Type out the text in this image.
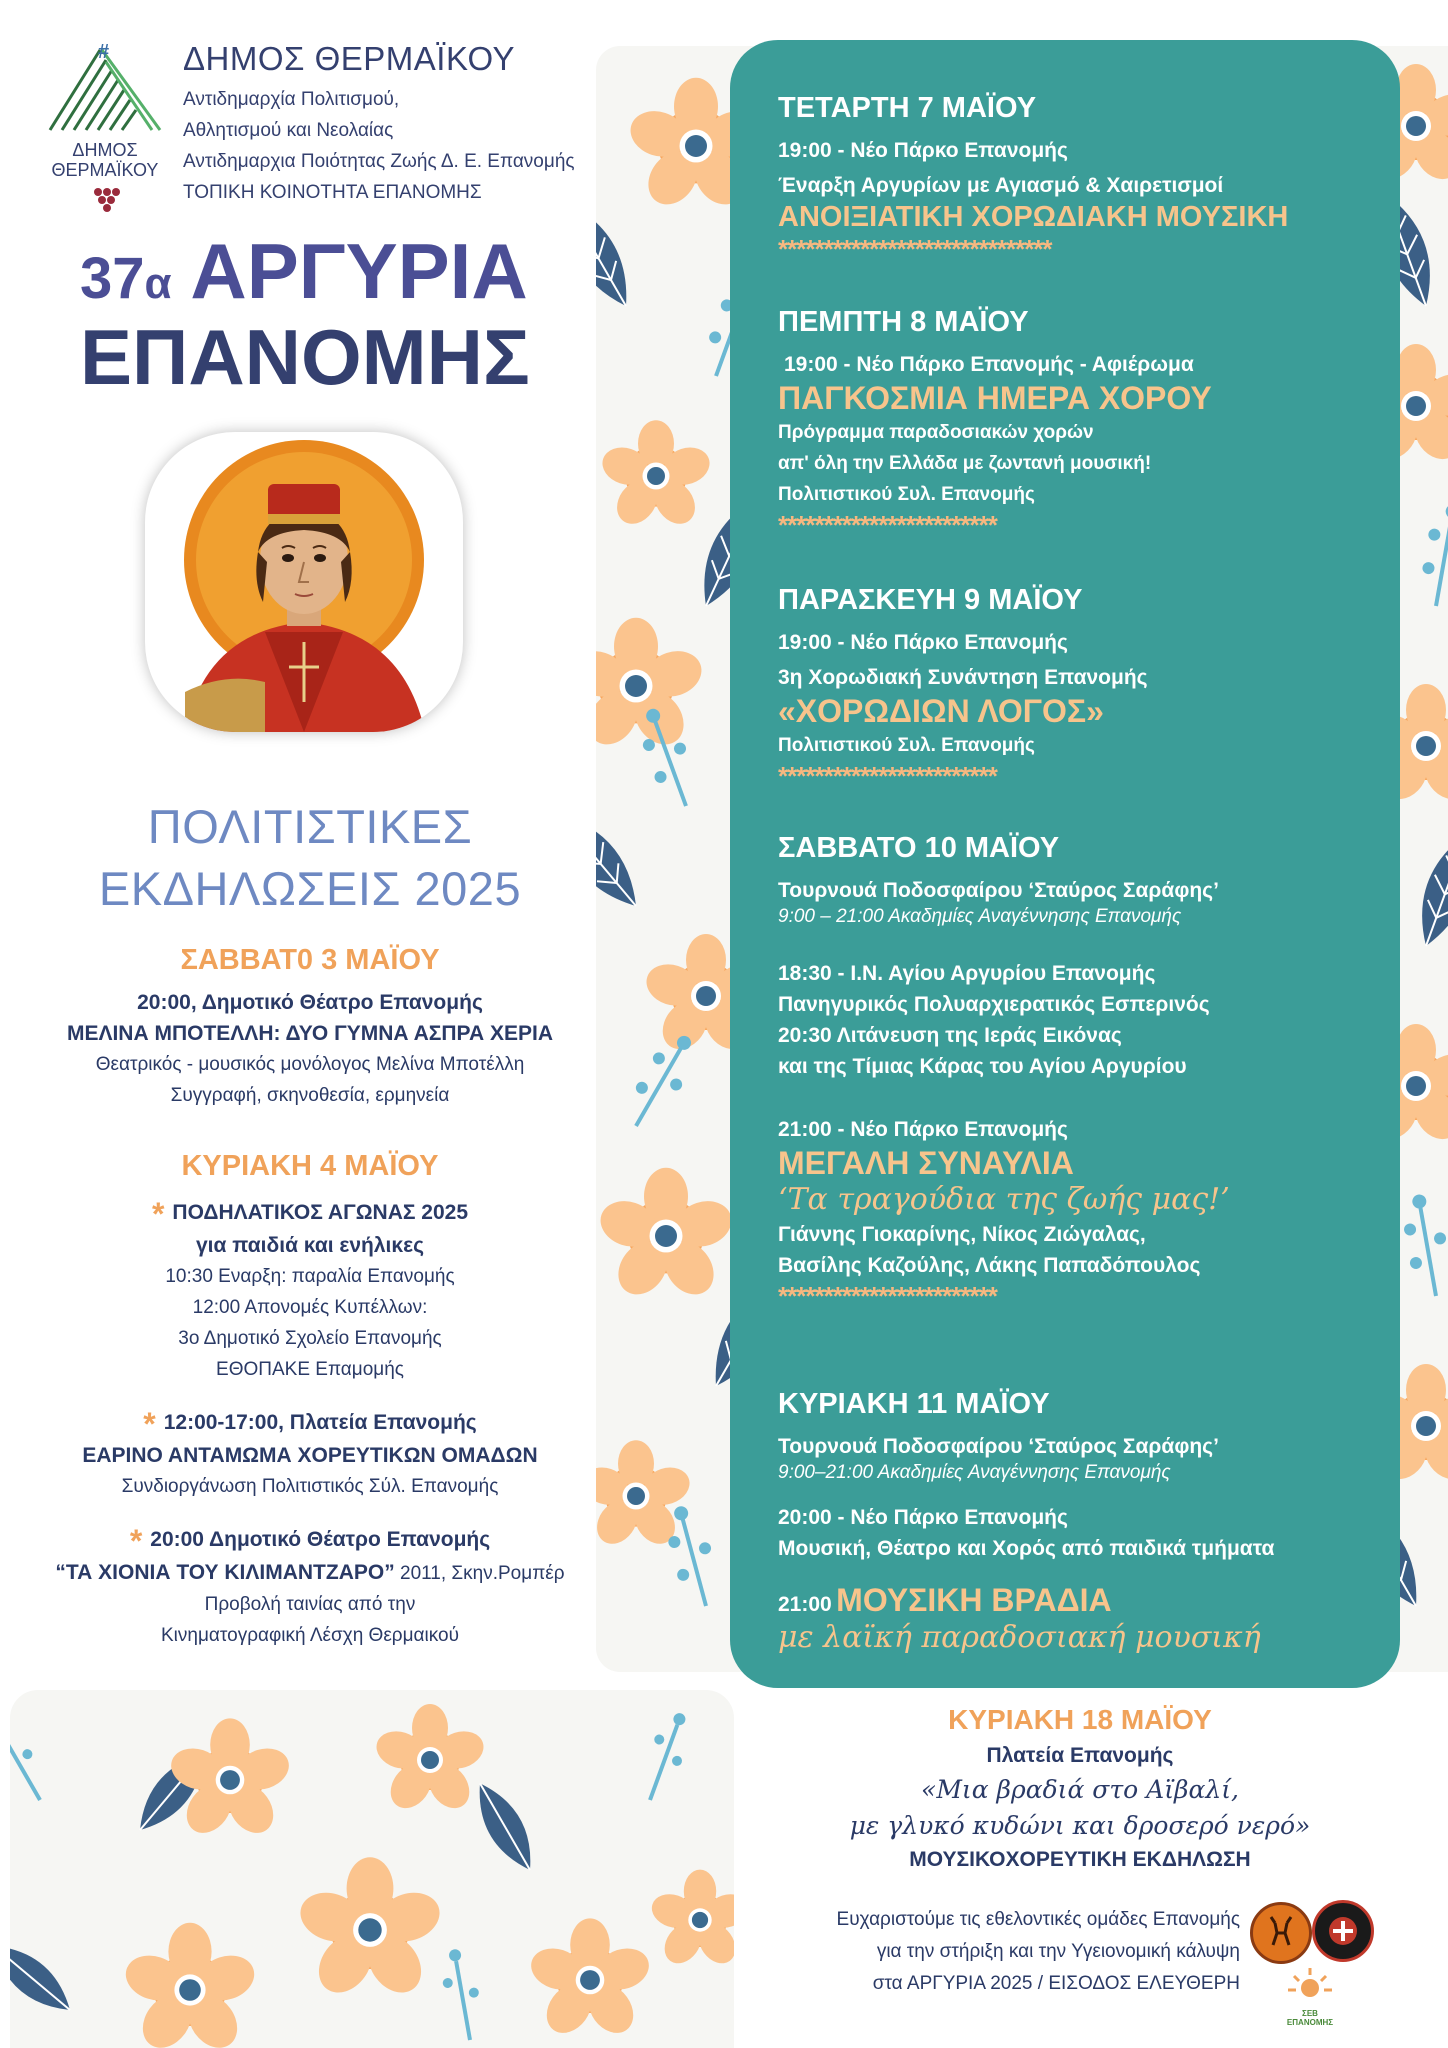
#
ΔΗΜΟΣ
ΘΕΡΜΑΪΚΟΥ
ΔΗΜΟΣ ΘΕΡΜΑΪΚΟΥ
Αντιδημαρχία Πολιτισμού,
Αθλητισμού και Νεολαίας
Αντιδημαρχια Ποιότητας Ζωής Δ. Ε. Επανομής
ΤΟΠΙΚΗ ΚΟΙΝΟΤΗΤΑ ΕΠΑΝΟΜΗΣ
37α ΑΡΓΥΡΙΑ
ΕΠΑΝΟΜΗΣ
ΠΟΛΙΤΙΣΤΙΚΕΣ
ΕΚΔΗΛΩΣΕΙΣ 2025
ΣΑΒΒΑΤ0 3 ΜΑΪΟΥ
20:00, Δημοτικό Θέατρο Επανομής
ΜΕΛΙΝΑ ΜΠΟΤΕΛΛΗ: ΔΥΟ ΓΥΜΝΑ ΑΣΠΡΑ ΧΕΡΙΑ
Θεατρικός - μουσικός μονόλογος Μελίνα Μποτέλλη
Συγγραφή, σκηνοθεσία, ερμηνεία
ΚΥΡΙΑΚΗ 4 ΜΑΪΟΥ
* ΠΟΔΗΛΑΤΙΚΟΣ ΑΓΩΝΑΣ 2025
για παιδιά και ενήλικες
10:30 Εναρξη: παραλία Επανομής
12:00 Απονομές Κυπέλλων:
3ο Δημοτικό Σχολείο Επανομής
ΕΘΟΠΑΚΕ Επαμομής
* 12:00-17:00, Πλατεία Επανομής
ΕΑΡΙΝΟ ΑΝΤΑΜΩΜΑ ΧΟΡΕΥΤΙΚΩΝ ΟΜΑΔΩΝ
Συνδιοργάνωση Πολιτιστικός Σύλ. Επανομής
* 20:00 Δημοτικό Θέατρο Επανομής
“ΤΑ ΧΙΟΝΙΑ ΤΟΥ ΚΙΛΙΜΑΝΤΖΑΡΟ” 2011, Σκην.Ρομπέρ
Προβολή ταινίας από την
Κινηματογραφική Λέσχη Θερμαικού
ΤΕΤΑΡΤΗ 7 ΜΑΪΟΥ
19:00 - Νέο Πάρκο Επανομής
Έναρξη Αργυρίων με Αγιασμό & Χαιρετισμοί
ΑΝΟΙΞΙΑΤΙΚΗ ΧΟΡΩΔΙΑΚΗ ΜΟΥΣΙΚΗ
******************************
ΠΕΜΠΤΗ 8 ΜΑΪΟΥ
19:00 - Νέο Πάρκο Επανομής - Αφιέρωμα
ΠΑΓΚΟΣΜΙΑ ΗΜΕΡΑ ΧΟΡΟΥ
Πρόγραμμα παραδοσιακών χορών
απ' όλη την Ελλάδα με ζωντανή μουσική!
Πολιτιστικού Συλ. Επανομής
************************
ΠΑΡΑΣΚΕΥΗ 9 ΜΑΪΟΥ
19:00 - Νέο Πάρκο Επανομής
3η Χορωδιακή Συνάντηση Επανομής
«ΧΟΡΩΔΙΩΝ ΛΟΓΟΣ»
Πολιτιστικού Συλ. Επανομής
************************
ΣΑΒΒΑΤΟ 10 ΜΑΪΟΥ
Τουρνουά Ποδοσφαίρου ‘Σταύρος Σαράφης’
9:00 – 21:00 Ακαδημίες Αναγέννησης Επανομής
18:30 - Ι.Ν. Αγίου Αργυρίου Επανομής
Πανηγυρικός Πολυαρχιερατικός Εσπερινός
20:30 Λιτάνευση της Ιεράς Εικόνας
και της Τίμιας Κάρας του Αγίου Αργυρίου
21:00 - Νέο Πάρκο Επανομής
ΜΕΓΑΛΗ ΣΥΝΑΥΛΙΑ
‘Τα τραγούδια της ζωής μας!’
Γιάννης Γιοκαρίνης, Νίκος Ζιώγαλας,
Βασίλης Καζούλης, Λάκης Παπαδόπουλος
************************
ΚΥΡΙΑΚΗ 11 ΜΑΪΟΥ
Τουρνουά Ποδοσφαίρου ‘Σταύρος Σαράφης’
9:00–21:00 Ακαδημίες Αναγέννησης Επανομής
20:00 - Νέο Πάρκο Επανομής
Μουσική, Θέατρο και Χορός από παιδικά τμήματα
21:00 ΜΟΥΣΙΚΗ ΒΡΑΔΙΑ
με λαϊκή παραδοσιακή μουσική
ΚΥΡΙΑΚΗ 18 ΜΑΪΟΥ
Πλατεία Επανομής
«Μια βραδιά στο Αϊβαλί,
με γλυκό κυδώνι και δροσερό νερό»
ΜΟΥΣΙΚΟΧΟΡΕΥΤΙΚΗ ΕΚΔΗΛΩΣΗ
Ευχαριστούμε τις εθελοντικές ομάδες Επανομής
για την στήριξη και την Υγειονομική κάλυψη
στα ΑΡΓΥΡΙΑ 2025 / ΕΙΣΟΔΟΣ ΕΛΕΥΘΕΡΗ
ΣΕΒ ΕΠΑΝΟΜΗΣ
